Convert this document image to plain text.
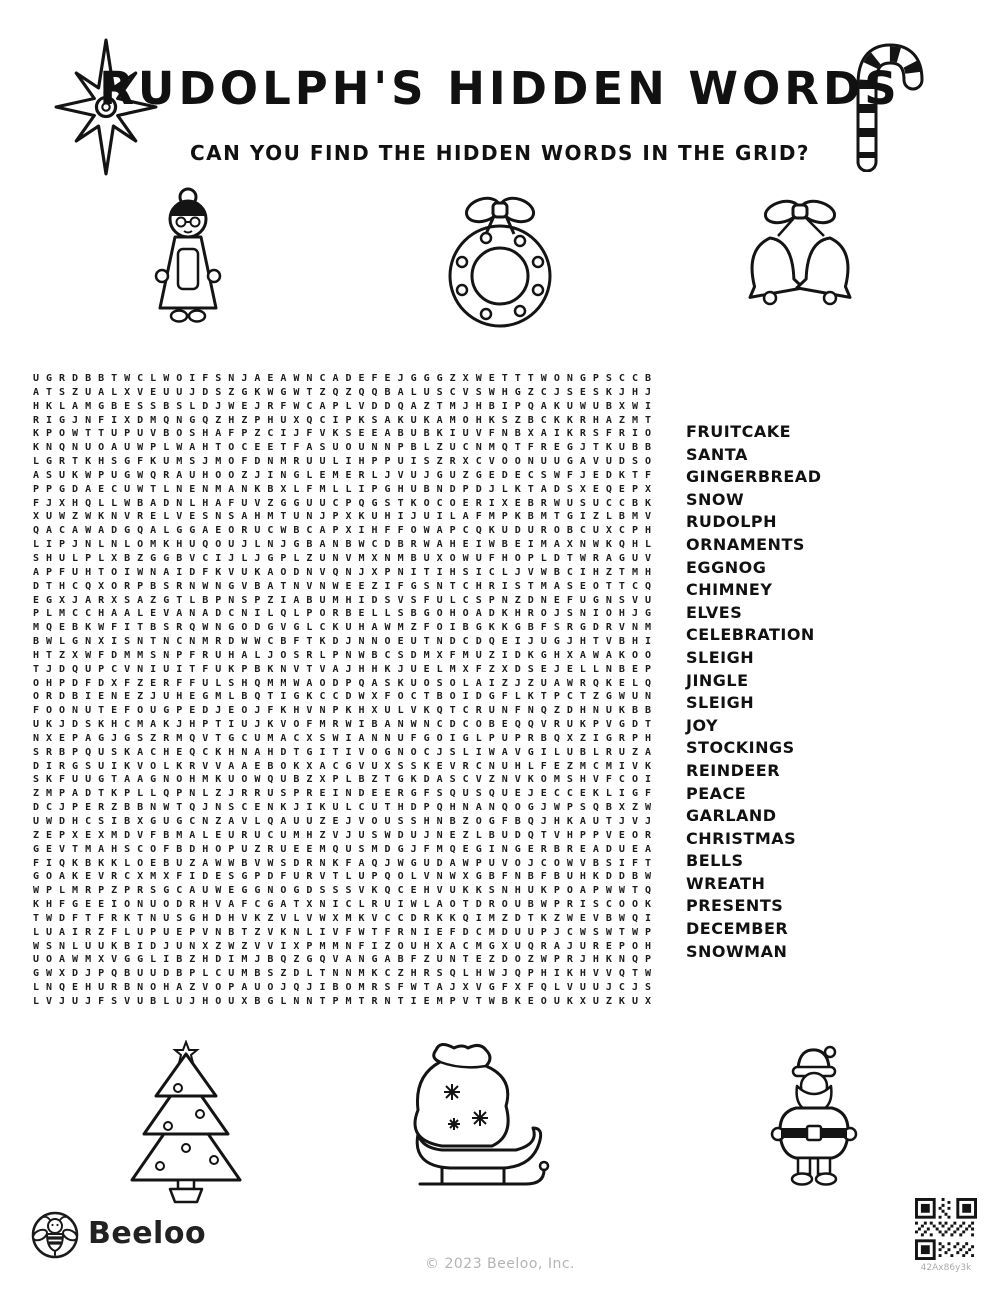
RUDOLPH'S HIDDEN WORDS
CAN YOU FIND THE HIDDEN WORDS IN THE GRID?
UGRDBBTWCLWOIFSNJAEAWNCADEFEJGGGZXWETTTWONGPSCCB
ATSZUALXVEUUJDSZGKWGWTZQZQQBALUSCVSWHGZCJSESKJHJ
HKLAMGBESSBSLDJWEJRFWCAPLVDDQAZTMJHBIPQAKUWUBXWI
RIGJNFIXDMQNGQZHZPHUXQCIPKSAKUKAMOHKSZBCKKRHAZMT
KPOWTTUPUVBOSHAFPZCIJFVKSEEABUBKIUVFNBXAIKRSFRIO
KNQNUOAUWPLWAHTOCEETFASUOUNNPBLZUCNMQTFREGJTKUBB
LGRTKHSGFKUMSJMOFDNMRUULIHPPUISZRXCVOONUUGAVUDSO
ASUKWPUGWQRAUHOOZJINGLEMERLJVUJGUZGEDECSWFJEDKTF
PPGDAECUWTLNENMANKBXLFMLLIPGHUBNDPDJLKTADSXEQEPX
FJXHQLLWBADNLHAFUVZGGUUCPQGSTKOCOERIXEBRWUSUCCBK
XUWZWKNVRELVESNSAHMTUNJPXKUHIJUILAFMPKBMTGIZLBMV
QACAWADGQALGGAEORUCWBCAPXIHFFOWAPCQKUDUROBCUXCPH
LIPJNLNLOMKHUQOUJLNJGBANBWCDBRWAHEIWBEIMAXNWKQHL
SHULPLXBZGGBVCIJLJGPLZUNVMXNMBUXOWUFHOPLDTWRAGUV
APFUHTOIWNAIDFKVUKAODNVQNJXPNITIHSICLJVWBCIHZTMH
DTHCQXORPBSRNWNGVBATNVNWEEZIFGSNTCHRISTMASEOTTCQ
EGXJARXSAZGTLBPNSPZIABUMHIDSVSFULCSPNZDNEFUGNSVU
PLMCCHAALEVANADCNILQLPORBELLSBGOHOADKHROJSNIOHJG
MQEBKWFITBSRQWNGODGVGLCKUHAWMZFOIBGKKGBFSRGDRVNM
BWLGNXISNTNCNMRDWWCBFTKDJNNOEUTNDCDQEIJUGJHTVBHI
HTZXWFDMMSNPFRUHALJOSRLPNWBCSDMXFMUZIDKGHXAWAKOO
TJDQUPCVNIUITFUKPBKNVTVAJHHKJUELMXFZXDSEJELLNBEP
OHPDFDXFZERFFULSHQMMWAODPQASKUOSOLAIZJZUAWRQKELQ
ORDBIENEZJUHEGMLBQTIGKCCDWXFOCTBOIDGFLKTPCTZGWUN
FOONUTEFOUGPEDJEOJFKHVNPKHXULVKQTCRUNFNQZDHNUKBB
UKJDSKHCMAKJHPTIUJKVOFMRWIBANWNCDCOBEQQVRUKPVGDT
NXEPAGJGSZRMQVTGCUMACXSWIANNUFGOIGLPUPRBQXZIGRPH
SRBPQUSKACHEQCKHNAHDTGITIVOGNOCJSLIWAVGILUBLRUZA
DIRGSUIKVOLKRVVAAEBOKXACGVUXSSKEVRCNUHLFEZMCMIVK
SKFUUGTAAGNOHMKUOWQUBZXPLBZTGKDASCVZNVKOMSHVFCOI
ZMPADTKPLLQPNLZJRRUSPREINDEERGFSQUSQUEJECCEKLIGF
DCJPERZBBNWTQJNSCENKJIKULCUTHDPQHNANQOGJWPSQBXZW
UWDHCSIBXGUGCNZAVLQAUUZEJVOUSSHNBZOGFBQJHKAUTJVJ
ZEPXEXMDVFBMALEURUCUMHZVJUSWDUJNEZLBUDQTVHPPVEOR
GEVTMAHSCOFBDHOPUZRUEEMQUSMDGJFMQEGINGERBREADUEA
FIQKBKKLOEBUZAWWBVWSDRNKFAQJWGUDAWPUVOJCOWVBSIFT
GOAKEVRCXMXFIDESGPDFURVTLUPQOLVNWXGBFNBFBUHKDDBW
WPLMRPZPRSGCAUWEGGNOGDSSSVKQCEHVUKKSNHUKPOAPWWTQ
KHFGEEIONUODRHVAFCGATXNICLRUIWLAOTDROUBWPRISCOOK
TWDFTFRKTNUSGHDHVKZVLVWXMKVCCDRKKQIMZDTKZWEVBWQI
LUAIRZFLUPUEPVNBTZVKNLIVFWTFRNIEFDCMDUUPJCWSWTWP
WSNLUUKBIDJUNXZWZVVIXPMMNFIZOUHXACMGXUQRAJUREPOH
UOAWMXVGGLIBZHDIMJBQZGQVANGABFZUNTEZDOZWPRJHKNQP
GWXDJPQBUUDBPLCUMBSZDLTNNMKCZHRSQLHWJQPHIKHVVQTW
LNQEHURBNOHAZVOPAUOJQJIBOMRSFWTAJXVGFXFQLVUUJCJS
LVJUJFSVUBLUJHOUXBGLNNTPMTRNTIEMPVTWBKEOUKXUZKUX
FRUITCAKE
SANTA
GINGERBREAD
SNOW
RUDOLPH
ORNAMENTS
EGGNOG
CHIMNEY
ELVES
CELEBRATION
SLEIGH
JINGLE
SLEIGH
JOY
STOCKINGS
REINDEER
PEACE
GARLAND
CHRISTMAS
BELLS
WREATH
PRESENTS
DECEMBER
SNOWMAN
Beeloo
© 2023 Beeloo, Inc.	42Ax86y3k
